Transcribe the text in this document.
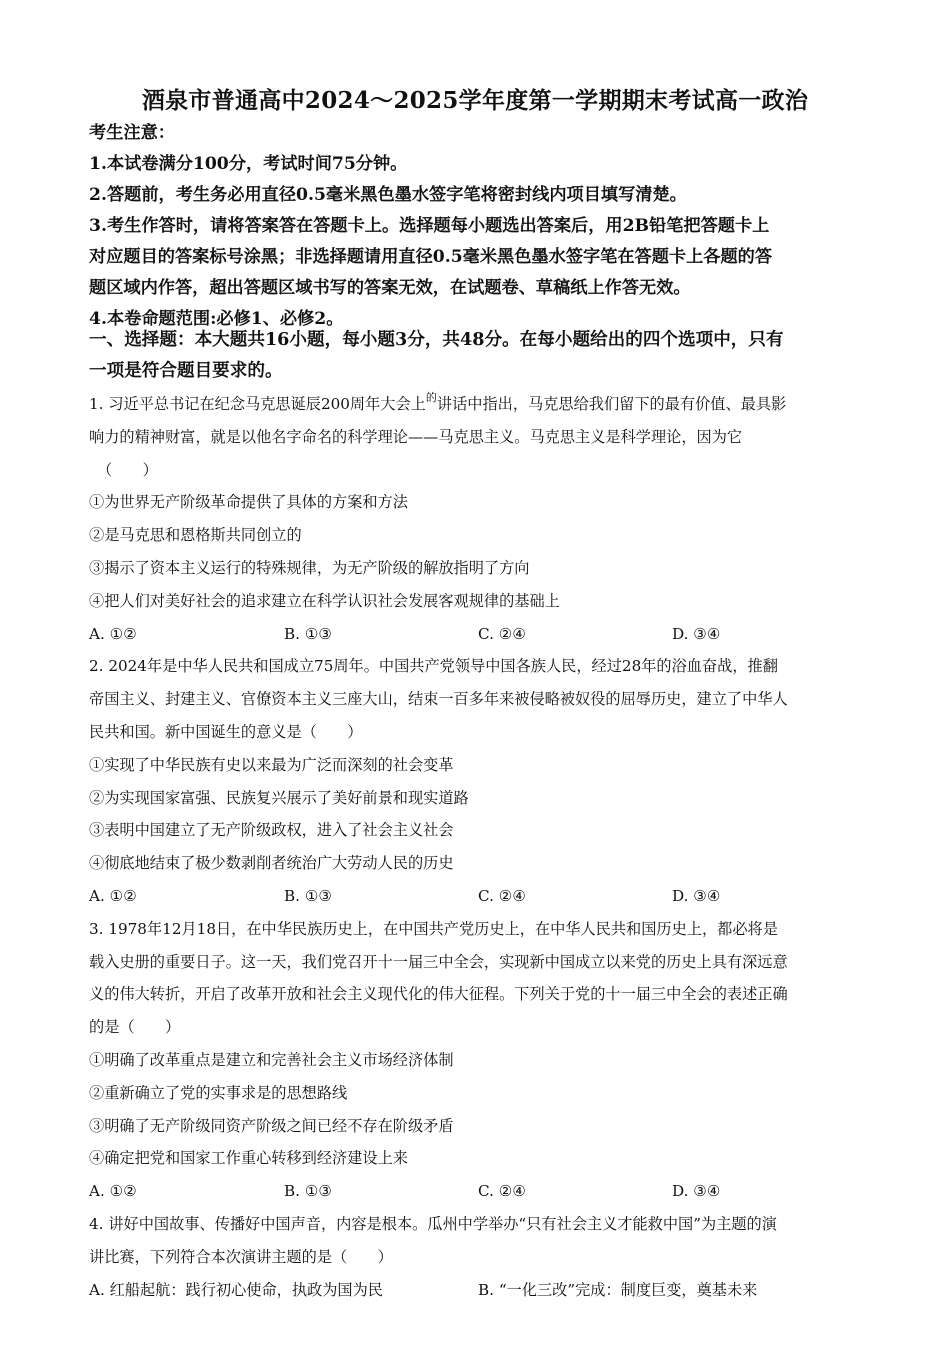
酒泉市普通高中2024～2025学年度第一学期期末考试高一政治
考生注意：
1.本试卷满分100分，考试时间75分钟。
2.答题前，考生务必用直径0.5毫米黑色墨水签字笔将密封线内项目填写清楚。
3.考生作答时，请将答案答在答题卡上。选择题每小题选出答案后，用2B铅笔把答题卡上
对应题目的答案标号涂黑；非选择题请用直径0.5毫米黑色墨水签字笔在答题卡上各题的答
题区域内作答，超出答题区域书写的答案无效，在试题卷、草稿纸上作答无效。
4.本卷命题范围:必修1、必修2。
一、选择题：本大题共16小题，每小题3分，共48分。在每小题给出的四个选项中，只有
一项是符合题目要求的。
1. 习近平总书记在纪念马克思诞辰200周年大会上$^的$讲话中指出，马克思给我们留下的最有价值、最具影
响力的精神财富，就是以他名字命名的科学理论——马克思主义。马克思主义是科学理论，因为它
（　　）
①为世界无产阶级革命提供了具体的方案和方法
②是马克思和恩格斯共同创立的
③揭示了资本主义运行的特殊规律，为无产阶级的解放指明了方向
④把人们对美好社会的追求建立在科学认识社会发展客观规律的基础上
A. ①②	B. ①③	C. ②④	D. ③④
2. 2024年是中华人民共和国成立75周年。中国共产党领导中国各族人民，经过28年的浴血奋战，推翻
帝国主义、封建主义、官僚资本主义三座大山，结束一百多年来被侵略被奴役的屈辱历史，建立了中华人
民共和国。新中国诞生的意义是（　　）
①实现了中华民族有史以来最为广泛而深刻的社会变革
②为实现国家富强、民族复兴展示了美好前景和现实道路
③表明中国建立了无产阶级政权，进入了社会主义社会
④彻底地结束了极少数剥削者统治广大劳动人民的历史
A. ①②	B. ①③	C. ②④	D. ③④
3. 1978年12月18日，在中华民族历史上，在中国共产党历史上，在中华人民共和国历史上，都必将是
载入史册的重要日子。这一天，我们党召开十一届三中全会，实现新中国成立以来党的历史上具有深远意
义的伟大转折，开启了改革开放和社会主义现代化的伟大征程。下列关于党的十一届三中全会的表述正确
的是（　　）
①明确了改革重点是建立和完善社会主义市场经济体制
②重新确立了党的实事求是的思想路线
③明确了无产阶级同资产阶级之间已经不存在阶级矛盾
④确定把党和国家工作重心转移到经济建设上来
A. ①②	B. ①③	C. ②④	D. ③④
4. 讲好中国故事、传播好中国声音，内容是根本。瓜州中学举办“只有社会主义才能救中国”为主题的演
讲比赛，下列符合本次演讲主题的是（　　）
A. 红船起航：践行初心使命，执政为国为民	B. “一化三改”完成：制度巨变，奠基未来
